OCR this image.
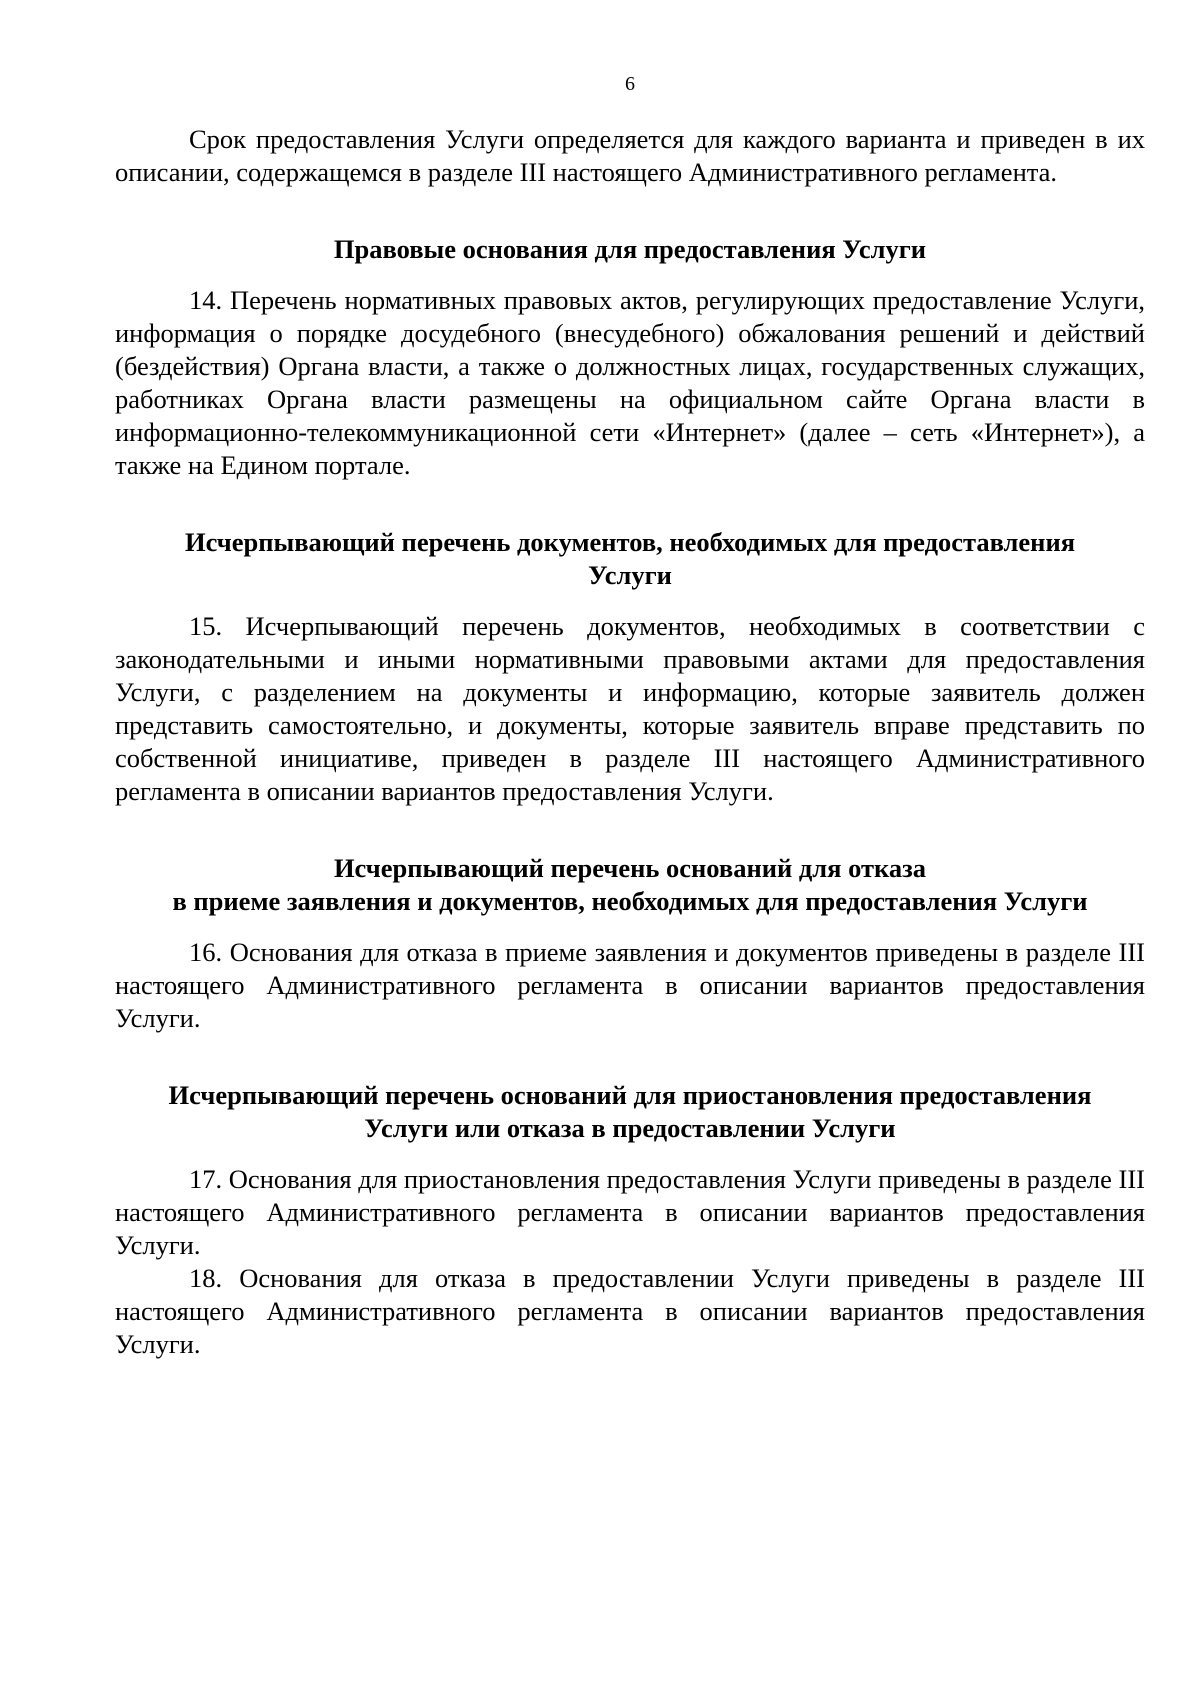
6

Срок предоставления Услуги определяется для каждого варианта и приведен в их описании, содержащемся в разделе III настоящего Административного регламента.

Правовые основания для предоставления Услуги

14. Перечень нормативных правовых актов, регулирующих предоставление Услуги, информация о порядке досудебного (внесудебного) обжалования решений и действий (бездействия) Органа власти, а также о должностных лицах, государственных служащих, работниках Органа власти размещены на официальном сайте Органа власти в информационно-телекоммуникационной сети «Интернет» (далее – сеть «Интернет»), а также на Едином портале.

Исчерпывающий перечень документов, необходимых для предоставления
Услуги

15. Исчерпывающий перечень документов, необходимых в соответствии с законодательными и иными нормативными правовыми актами для предоставления Услуги, с разделением на документы и информацию, которые заявитель должен представить самостоятельно, и документы, которые заявитель вправе представить по собственной инициативе, приведен в разделе III настоящего Административного регламента в описании вариантов предоставления Услуги.

Исчерпывающий перечень оснований для отказа
в приеме заявления и документов, необходимых для предоставления Услуги

16. Основания для отказа в приеме заявления и документов приведены в разделе III настоящего Административного регламента в описании вариантов предоставления Услуги.

Исчерпывающий перечень оснований для приостановления предоставления
Услуги или отказа в предоставлении Услуги

17. Основания для приостановления предоставления Услуги приведены в разделе III настоящего Административного регламента в описании вариантов предоставления Услуги.

18. Основания для отказа в предоставлении Услуги приведены в разделе III настоящего Административного регламента в описании вариантов предоставления Услуги.
